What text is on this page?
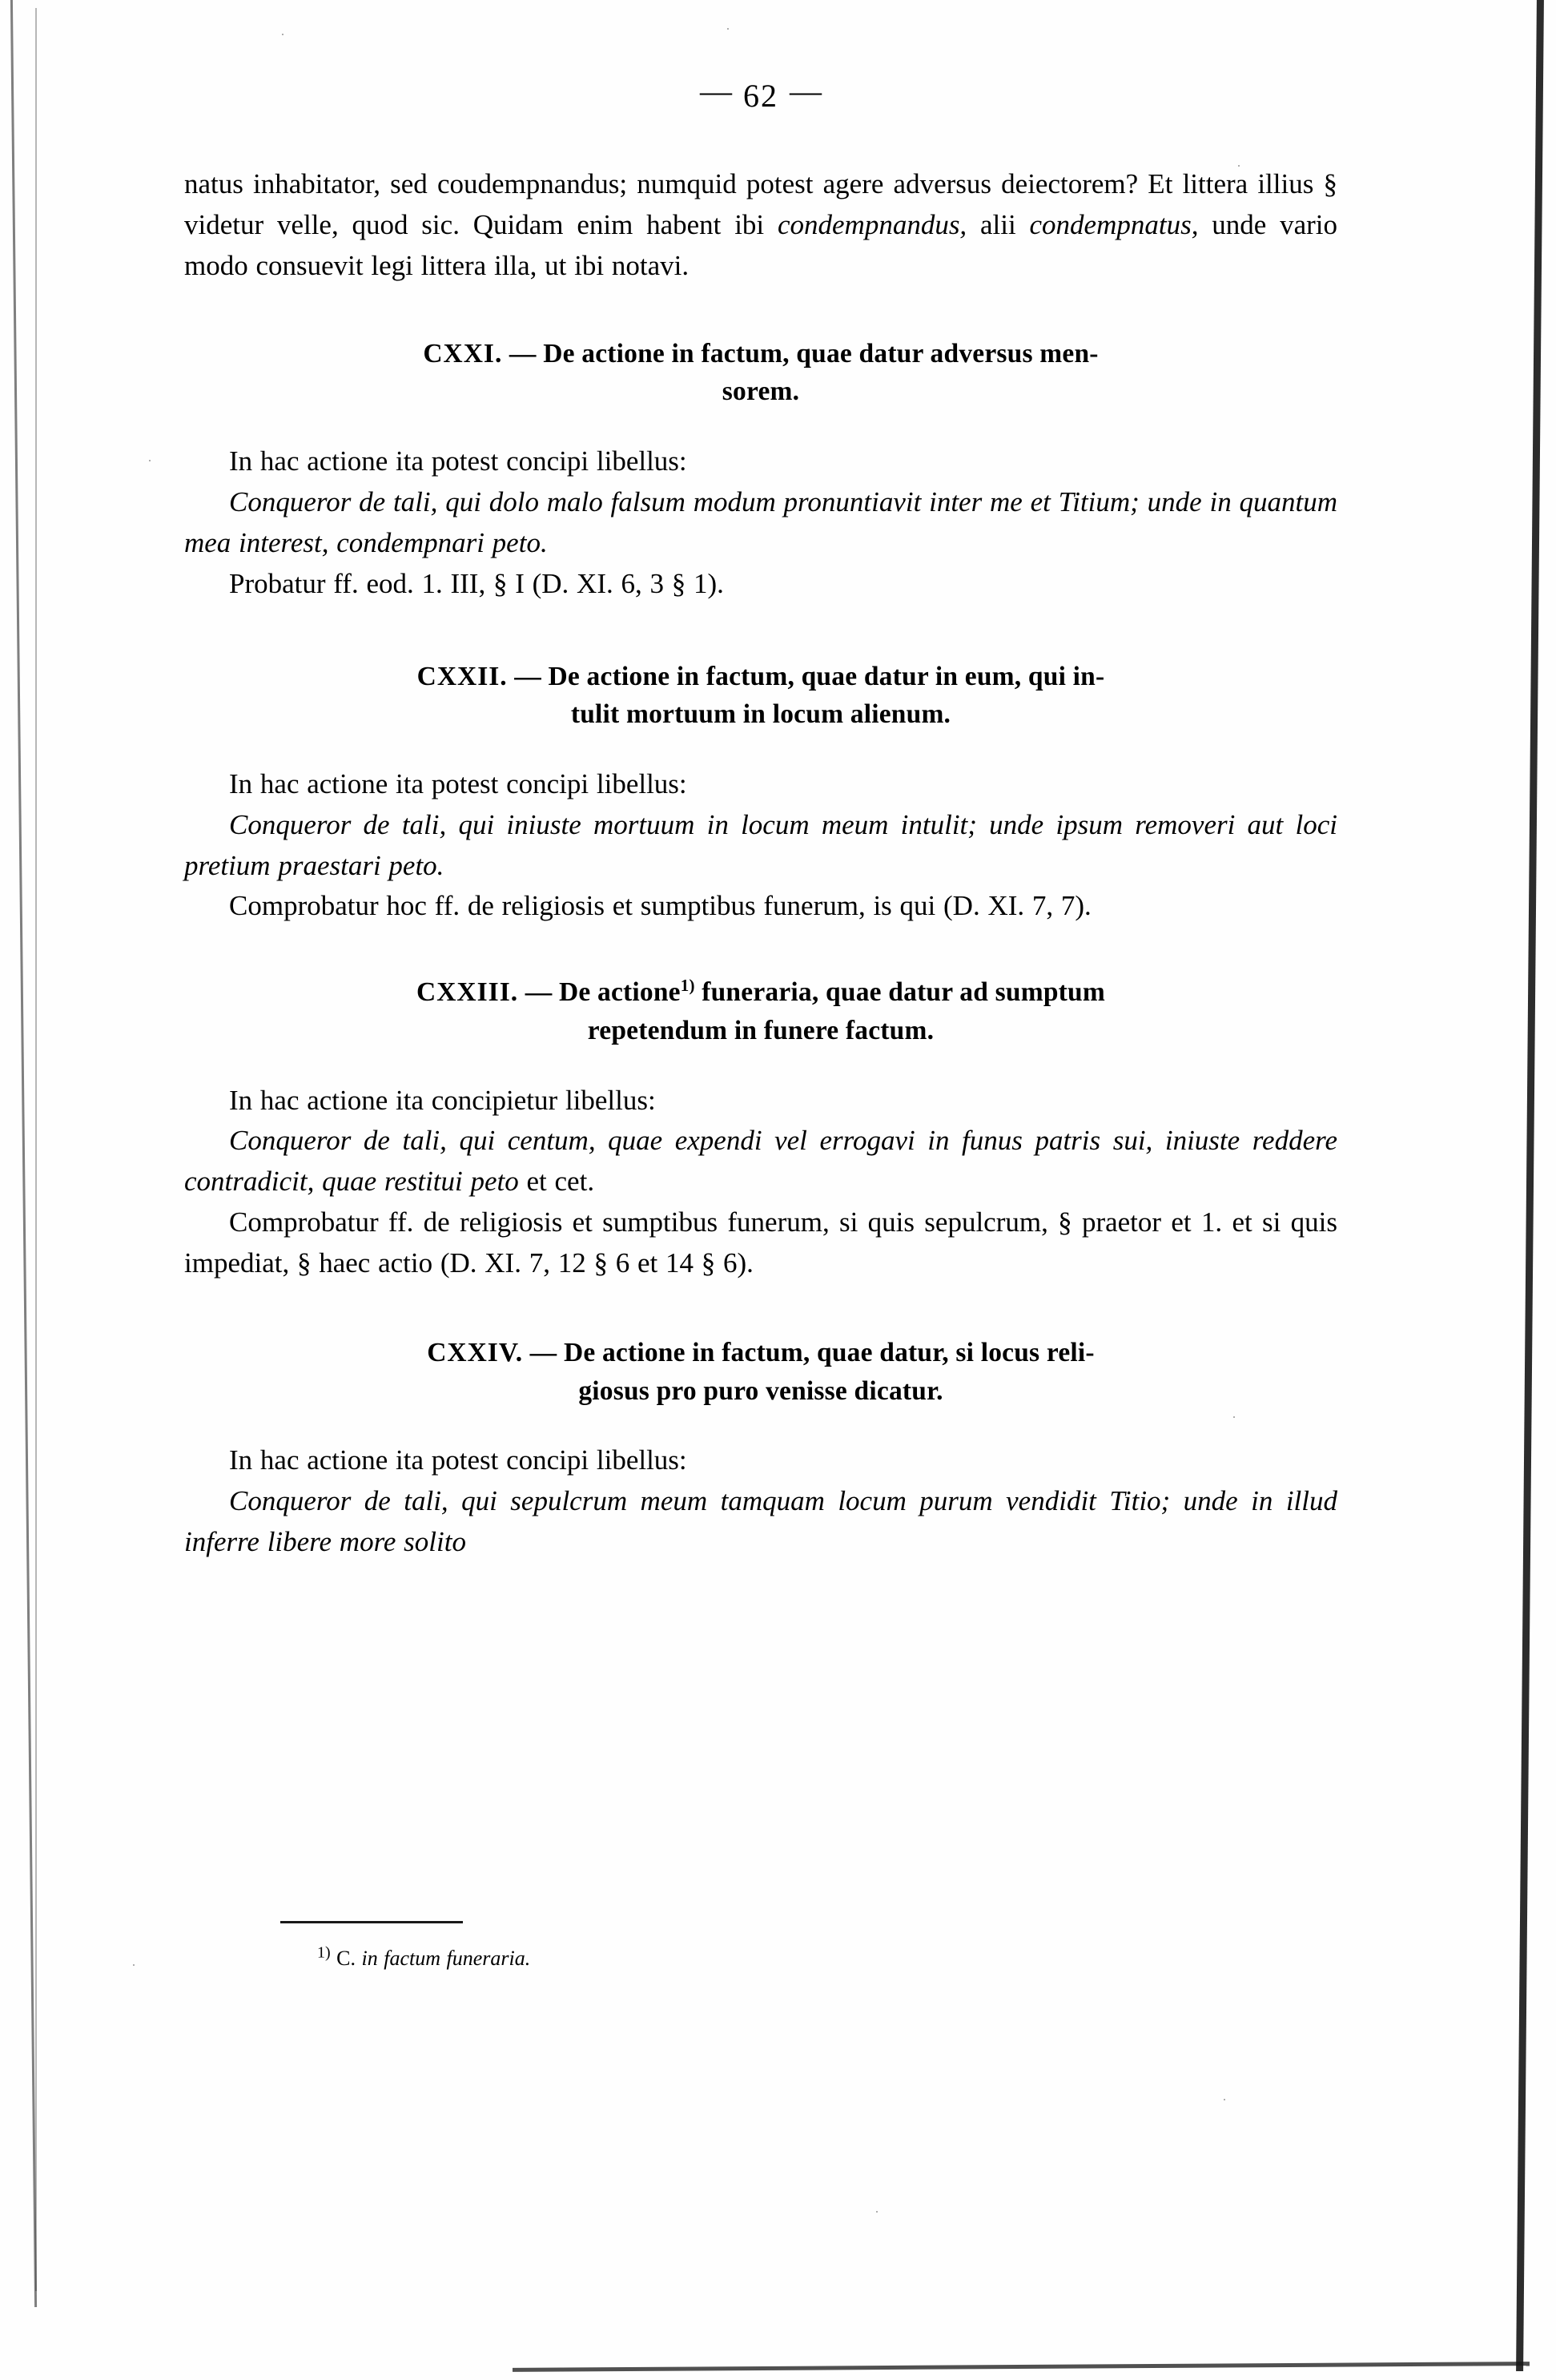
— 62 —

natus inhabitator, sed coudempnandus; numquid potest agere adversus deiectorem? Et littera illius § videtur velle, quod sic. Quidam enim habent ibi condempnandus, alii condempnatus, unde vario modo consuevit legi littera illa, ut ibi notavi.

CXXI. — De actione in factum, quae datur adversus men-
sorem.

In hac actione ita potest concipi libellus:

Conqueror de tali, qui dolo malo falsum modum pronuntiavit inter me et Titium; unde in quantum mea interest, condempnari peto.

Probatur ff. eod. 1. III, § I (D. XI. 6, 3 § 1).

CXXII. — De actione in factum, quae datur in eum, qui in-
tulit mortuum in locum alienum.

In hac actione ita potest concipi libellus:

Conqueror de tali, qui iniuste mortuum in locum meum intulit; unde ipsum removeri aut loci pretium praestari peto.

Comprobatur hoc ff. de religiosis et sumptibus funerum, is qui (D. XI. 7, 7).

CXXIII. — De actione$^{1)}$ funeraria, quae datur ad sumptum
repetendum in funere factum.

In hac actione ita concipietur libellus:

Conqueror de tali, qui centum, quae expendi vel errogavi in funus patris sui, iniuste reddere contradicit, quae restitui peto et cet.

Comprobatur ff. de religiosis et sumptibus funerum, si quis sepulcrum, § praetor et 1. et si quis impediat, § haec actio (D. XI. 7, 12 § 6 et 14 § 6).

CXXIV. — De actione in factum, quae datur, si locus reli-
giosus pro puro venisse dicatur.

In hac actione ita potest concipi libellus:

Conqueror de tali, qui sepulcrum meum tamquam locum purum vendidit Titio; unde in illud inferre libere more solito

$^{1)}$ C. in factum funeraria.
